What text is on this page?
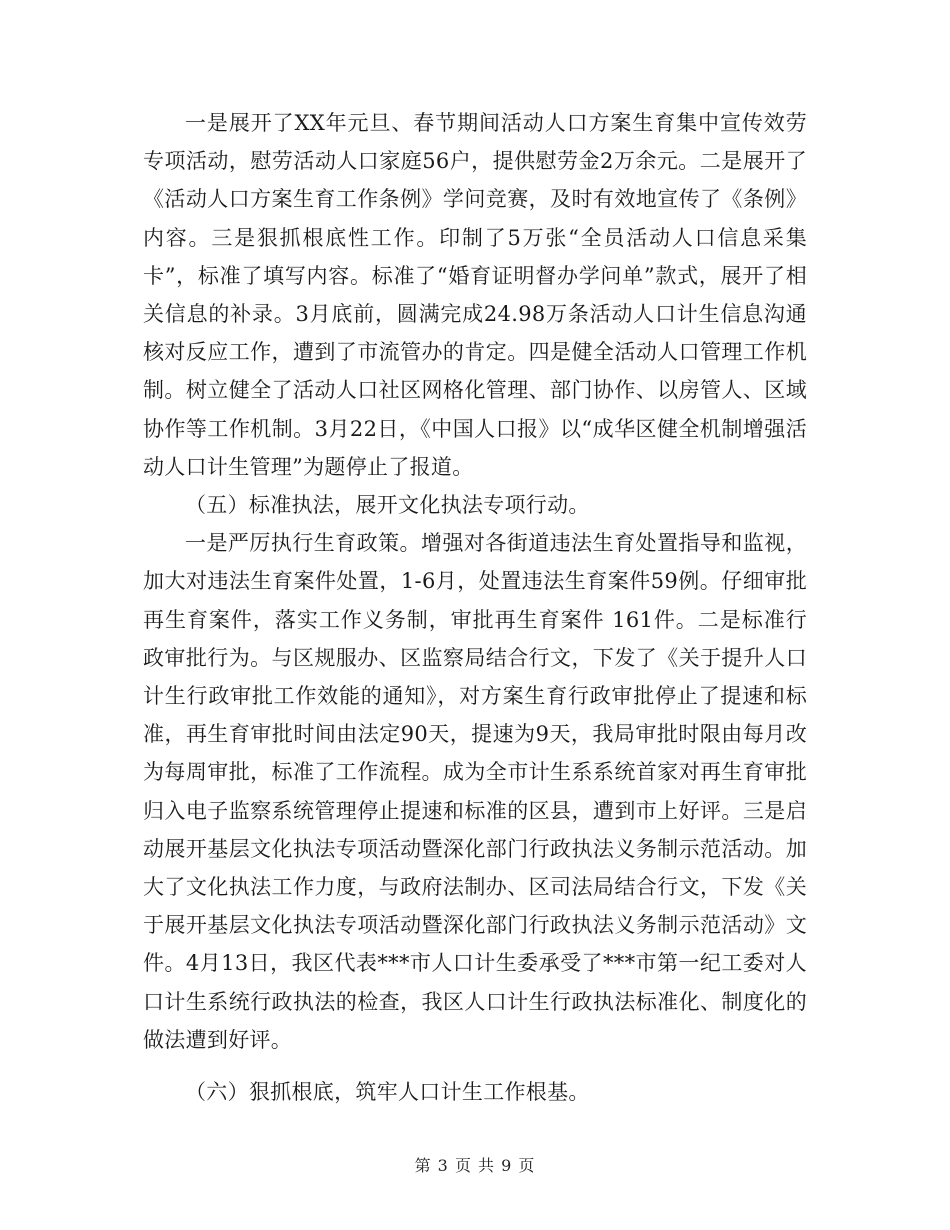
一是展开了XX年元旦、春节期间活动人口方案生育集中宣传效劳专项活动，慰劳活动人口家庭56户，提供慰劳金2万余元。二是展开了《活动人口方案生育工作条例》学问竞赛，及时有效地宣传了《条例》内容。三是狠抓根底性工作。印制了5万张“全员活动人口信息采集卡”，标准了填写内容。标准了“婚育证明督办学问单”款式，展开了相关信息的补录。3月底前，圆满完成24.98万条活动人口计生信息沟通核对反应工作，遭到了市流管办的肯定。四是健全活动人口管理工作机制。树立健全了活动人口社区网格化管理、部门协作、以房管人、区域协作等工作机制。3月22日，《中国人口报》以“成华区健全机制增强活动人口计生管理”为题停止了报道。

（五）标准执法，展开文化执法专项行动。

一是严厉执行生育政策。增强对各街道违法生育处置指导和监视，加大对违法生育案件处置，1-6月，处置违法生育案件59例。仔细审批再生育案件，落实工作义务制，审批再生育案件 161件。二是标准行政审批行为。与区规服办、区监察局结合行文，下发了《关于提升人口计生行政审批工作效能的通知》，对方案生育行政审批停止了提速和标准，再生育审批时间由法定90天，提速为9天，我局审批时限由每月改为每周审批，标准了工作流程。成为全市计生系系统首家对再生育审批归入电子监察系统管理停止提速和标准的区县，遭到市上好评。三是启动展开基层文化执法专项活动暨深化部门行政执法义务制示范活动。加大了文化执法工作力度，与政府法制办、区司法局结合行文，下发《关于展开基层文化执法专项活动暨深化部门行政执法义务制示范活动》文件。4月13日，我区代表***市人口计生委承受了***市第一纪工委对人口计生系统行政执法的检查，我区人口计生行政执法标准化、制度化的做法遭到好评。

（六）狠抓根底，筑牢人口计生工作根基。

第 3 页 共 9 页
